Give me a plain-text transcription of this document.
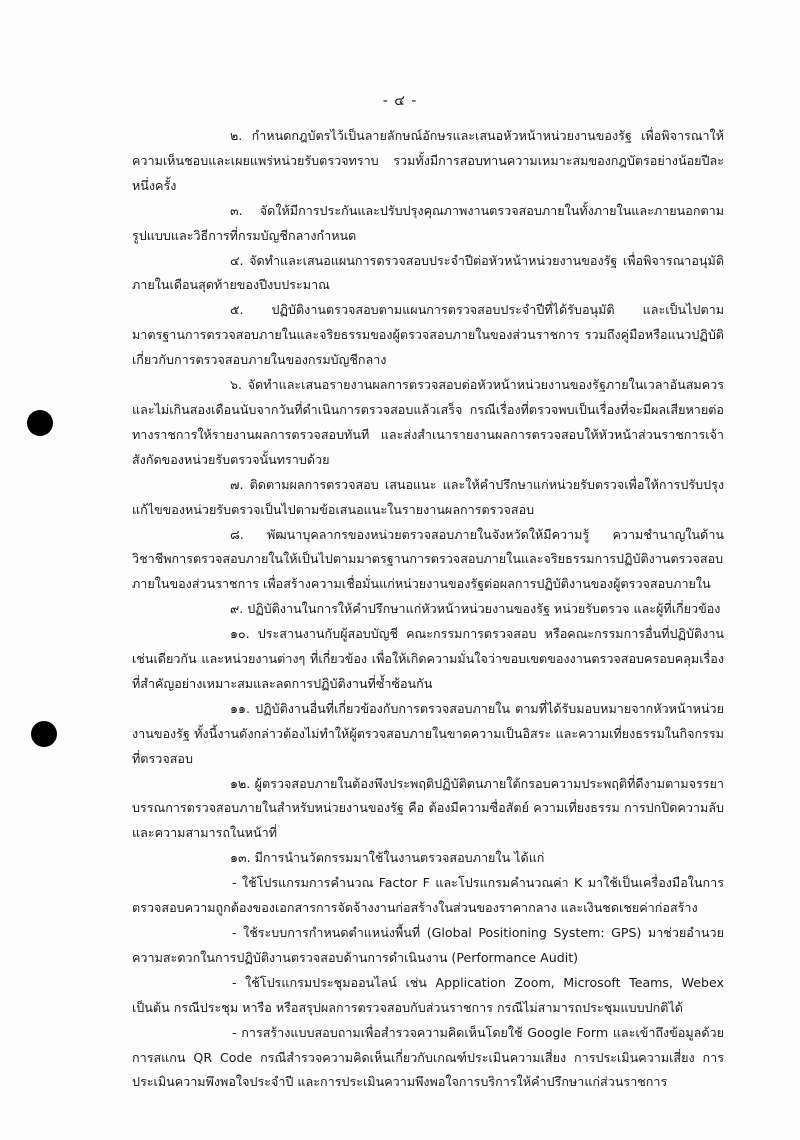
- ๔ -

๒. กำหนดกฎบัตรไว้เป็นลายลักษณ์อักษรและเสนอหัวหน้าหน่วยงานของรัฐ เพื่อพิจารณาให้ความเห็นชอบและเผยแพร่หน่วยรับตรวจทราบ รวมทั้งมีการสอบทานความเหมาะสมของกฎบัตรอย่างน้อยปีละหนึ่งครั้ง

๓. จัดให้มีการประกันและปรับปรุงคุณภาพงานตรวจสอบภายในทั้งภายในและภายนอกตามรูปแบบและวิธีการที่กรมบัญชีกลางกำหนด

๔. จัดทำและเสนอแผนการตรวจสอบประจำปีต่อหัวหน้าหน่วยงานของรัฐ เพื่อพิจารณาอนุมัติภายในเดือนสุดท้ายของปีงบประมาณ

๕. ปฏิบัติงานตรวจสอบตามแผนการตรวจสอบประจำปีที่ได้รับอนุมัติ และเป็นไปตามมาตรฐานการตรวจสอบภายในและจริยธรรมของผู้ตรวจสอบภายในของส่วนราชการ รวมถึงคู่มือหรือแนวปฏิบัติเกี่ยวกับการตรวจสอบภายในของกรมบัญชีกลาง

๖. จัดทำและเสนอรายงานผลการตรวจสอบต่อหัวหน้าหน่วยงานของรัฐภายในเวลาอันสมควรและไม่เกินสองเดือนนับจากวันที่ดำเนินการตรวจสอบแล้วเสร็จ กรณีเรื่องที่ตรวจพบเป็นเรื่องที่จะมีผลเสียหายต่อทางราชการให้รายงานผลการตรวจสอบทันที และส่งสำเนารายงานผลการตรวจสอบให้หัวหน้าส่วนราชการเจ้าสังกัดของหน่วยรับตรวจนั้นทราบด้วย

๗. ติดตามผลการตรวจสอบ เสนอแนะ และให้คำปรึกษาแก่หน่วยรับตรวจเพื่อให้การปรับปรุงแก้ไขของหน่วยรับตรวจเป็นไปตามข้อเสนอแนะในรายงานผลการตรวจสอบ

๘. พัฒนาบุคลากรของหน่วยตรวจสอบภายในจังหวัดให้มีความรู้ ความชำนาญในด้านวิชาชีพการตรวจสอบภายในให้เป็นไปตามมาตรฐานการตรวจสอบภายในและจริยธรรมการปฏิบัติงานตรวจสอบภายในของส่วนราชการ เพื่อสร้างความเชื่อมั่นแก่หน่วยงานของรัฐต่อผลการปฏิบัติงานของผู้ตรวจสอบภายใน

๙. ปฏิบัติงานในการให้คำปรึกษาแก่หัวหน้าหน่วยงานของรัฐ หน่วยรับตรวจ และผู้ที่เกี่ยวข้อง

๑๐. ประสานงานกับผู้สอบบัญชี คณะกรรมการตรวจสอบ หรือคณะกรรมการอื่นที่ปฏิบัติงานเช่นเดียวกัน และหน่วยงานต่างๆ ที่เกี่ยวข้อง เพื่อให้เกิดความมั่นใจว่าขอบเขตของงานตรวจสอบครอบคลุมเรื่องที่สำคัญอย่างเหมาะสมและลดการปฏิบัติงานที่ซ้ำซ้อนกัน

๑๑. ปฏิบัติงานอื่นที่เกี่ยวข้องกับการตรวจสอบภายใน ตามที่ได้รับมอบหมายจากหัวหน้าหน่วยงานของรัฐ ทั้งนี้งานดังกล่าวต้องไม่ทำให้ผู้ตรวจสอบภายในขาดความเป็นอิสระ และความเที่ยงธรรมในกิจกรรมที่ตรวจสอบ

๑๒. ผู้ตรวจสอบภายในต้องพึงประพฤติปฏิบัติตนภายใต้กรอบความประพฤติที่ดีงามตามจรรยาบรรณการตรวจสอบภายในสำหรับหน่วยงานของรัฐ คือ ต้องมีความซื่อสัตย์ ความเที่ยงธรรม การปกปิดความลับ และความสามารถในหน้าที่

๑๓. มีการนำนวัตกรรมมาใช้ในงานตรวจสอบภายใน ได้แก่

- ใช้โปรแกรมการคำนวณ Factor F และโปรแกรมคำนวณค่า K มาใช้เป็นเครื่องมือในการตรวจสอบความถูกต้องของเอกสารการจัดจ้างงานก่อสร้างในส่วนของราคากลาง และเงินชดเชยค่าก่อสร้าง

- ใช้ระบบการกำหนดตำแหน่งพื้นที่ (Global Positioning System: GPS) มาช่วยอำนวยความสะดวกในการปฏิบัติงานตรวจสอบด้านการดำเนินงาน (Performance Audit)

- ใช้โปรแกรมประชุมออนไลน์ เช่น Application Zoom, Microsoft Teams, Webex เป็นต้น กรณีประชุม หารือ หรือสรุปผลการตรวจสอบกับส่วนราชการ กรณีไม่สามารถประชุมแบบปกติได้

- การสร้างแบบสอบถามเพื่อสำรวจความคิดเห็นโดยใช้ Google Form และเข้าถึงข้อมูลด้วยการสแกน QR Code กรณีสำรวจความคิดเห็นเกี่ยวกับเกณฑ์ประเมินความเสี่ยง การประเมินความเสี่ยง การประเมินความพึงพอใจประจำปี และการประเมินความพึงพอใจการบริการให้คำปรึกษาแก่ส่วนราชการ
